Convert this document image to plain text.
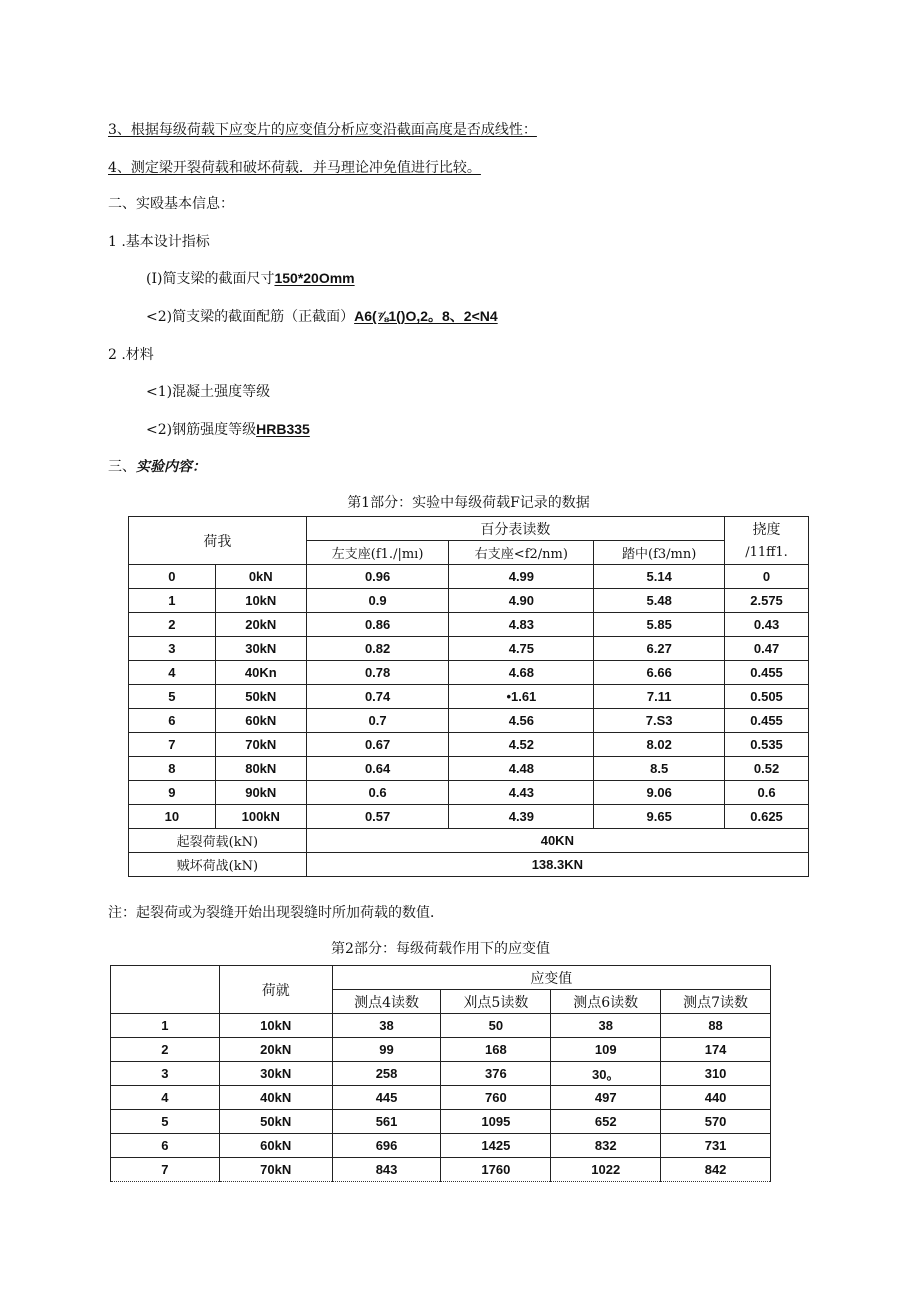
3、根据每级荷载下应变片的应变值分析应变沿截面高度是否成线性：
4、测定梁开裂荷载和破坏荷载．并马理论冲免值进行比较。
二、实殴基本信息：
1 .基本设计指标
(I)简支梁的截面尺寸150*20Omm
<2)简支梁的截面配筋（正截面）A6(⅞1()O,2。8、2<N4
2 .材料
<1)混凝土强度等级
<2)钢筋强度等级HRB335
三、实验内容：
第1部分：实验中每级荷载F记录的数据
荷我		百分表读数			挠度
		左支座(f1./|mı)	右支座<f2/nm)	踏中(f3/mn)	/11ff1.
0	0kN	0.96	4.99	5.14	0
1	10kN	0.9	4.90	5.48	2.575
2	20kN	0.86	4.83	5.85	0.43
3	30kN	0.82	4.75	6.27	0.47
4	40Kn	0.78	4.68	6.66	0.455
5	50kN	0.74	•1.61	7.11	0.505
6	60kN	0.7	4.56	7.S3	0.455
7	70kN	0.67	4.52	8.02	0.535
8	80kN	0.64	4.48	8.5	0.52
9	90kN	0.6	4.43	9.06	0.6
10	100kN	0.57	4.39	9.65	0.625
起裂荷载(kN)		40KN			
贼坏荷战(kN)		138.3KN			
注：起裂荷或为裂缝开始出现裂缝时所加荷载的数值．
第2部分：每级荷载作用下的应变值
	荷就	应变值			
		测点4读数	刈点5读数	测点6读数	测点7读数
1	10kN	38	50	38	88
2	20kN	99	168	109	174
3	30kN	258	376	30。	310
4	40kN	445	760	497	440
5	50kN	561	1095	652	570
6	60kN	696	1425	832	731
7	70kN	843	1760	1022	842
